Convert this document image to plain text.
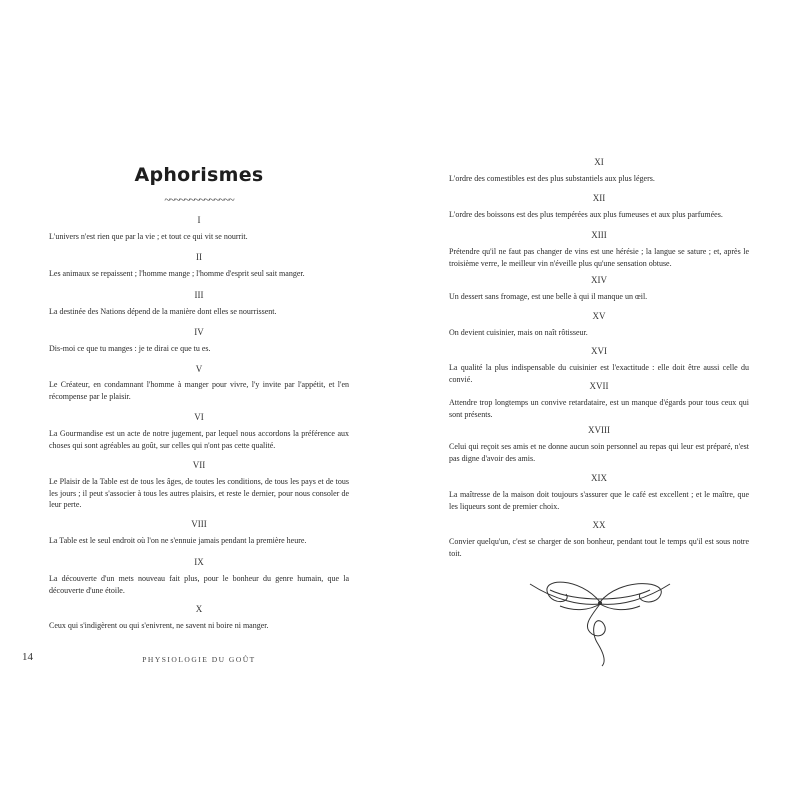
Aphorismes
~~~~~~~~~~~~~~
I
L'univers n'est rien que par la vie ; et tout ce qui vit se nourrit.
II
Les animaux se repaissent ; l'homme mange ; l'homme d'esprit seul sait manger.
III
La destinée des Nations dépend de la manière dont elles se nourrissent.
IV
Dis-moi ce que tu manges : je te dirai ce que tu es.
V
Le Créateur, en condamnant l'homme à manger pour vivre, l'y invite par l'appétit, et l'en récompense par le plaisir.
VI
La Gourmandise est un acte de notre jugement, par lequel nous accordons la préférence aux choses qui sont agréables au goût, sur celles qui n'ont pas cette qualité.
VII
Le Plaisir de la Table est de tous les âges, de toutes les conditions, de tous les pays et de tous les jours ; il peut s'associer à tous les autres plaisirs, et reste le dernier, pour nous consoler de leur perte.
VIII
La Table est le seul endroit où l'on ne s'ennuie jamais pendant la première heure.
IX
La découverte d'un mets nouveau fait plus, pour le bonheur du genre humain, que la découverte d'une étoile.
X
Ceux qui s'indigèrent ou qui s'enivrent, ne savent ni boire ni manger.
XI
L'ordre des comestibles est des plus substantiels aux plus légers.
XII
L'ordre des boissons est des plus tempérées aux plus fumeuses et aux plus parfumées.
XIII
Prétendre qu'il ne faut pas changer de vins est une hérésie ; la langue se sature ; et, après le troisième verre, le meilleur vin n'éveille plus qu'une sensation obtuse.
XIV
Un dessert sans fromage, est une belle à qui il manque un œil.
XV
On devient cuisinier, mais on naît rôtisseur.
XVI
La qualité la plus indispensable du cuisinier est l'exactitude : elle doit être aussi celle du convié.
XVII
Attendre trop longtemps un convive retardataire, est un manque d'égards pour tous ceux qui sont présents.
XVIII
Celui qui reçoit ses amis et ne donne aucun soin personnel au repas qui leur est préparé, n'est pas digne d'avoir des amis.
XIX
La maîtresse de la maison doit toujours s'assurer que le café est excellent ; et le maître, que les liqueurs sont de premier choix.
XX
Convier quelqu'un, c'est se charger de son bonheur, pendant tout le temps qu'il est sous notre toit.
14	PHYSIOLOGIE DU GOÛT
